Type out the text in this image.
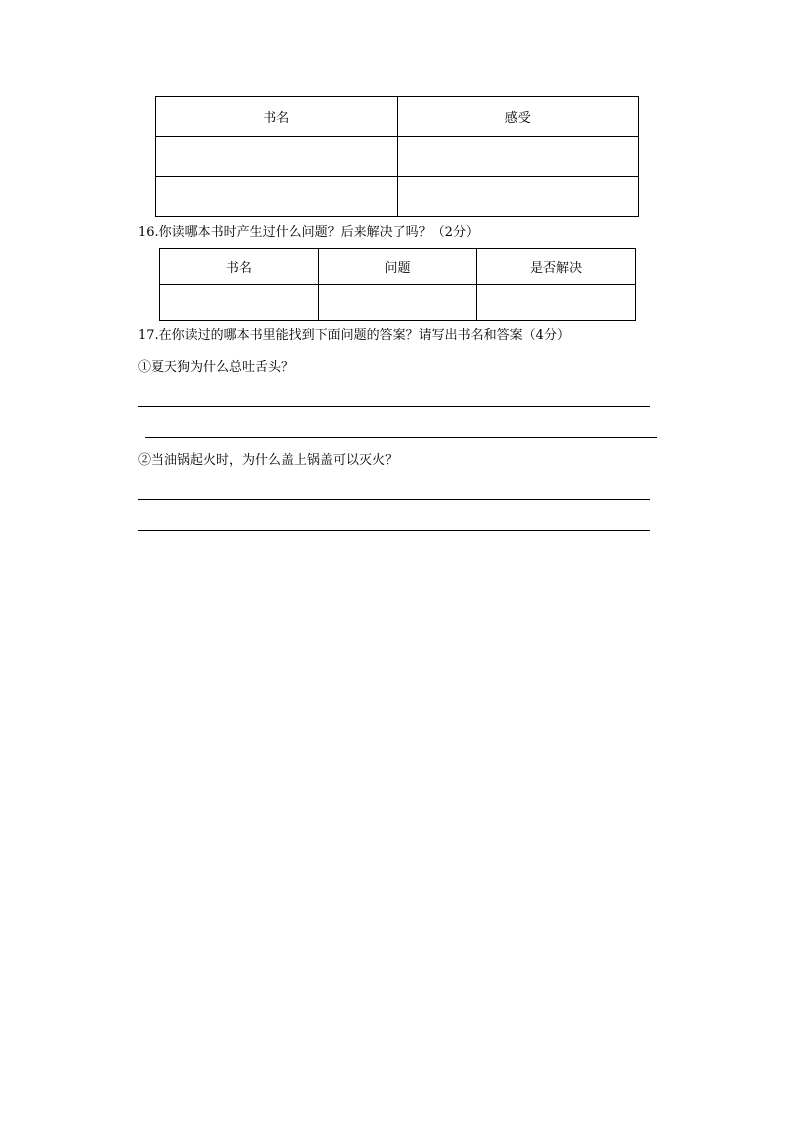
书名	感受

16.你读哪本书时产生过什么问题？后来解决了吗？（2分）
书名	问题	是否解决

17.在你读过的哪本书里能找到下面问题的答案？请写出书名和答案（4分）
①夏天狗为什么总吐舌头？
②当油锅起火时，为什么盖上锅盖可以灭火？
